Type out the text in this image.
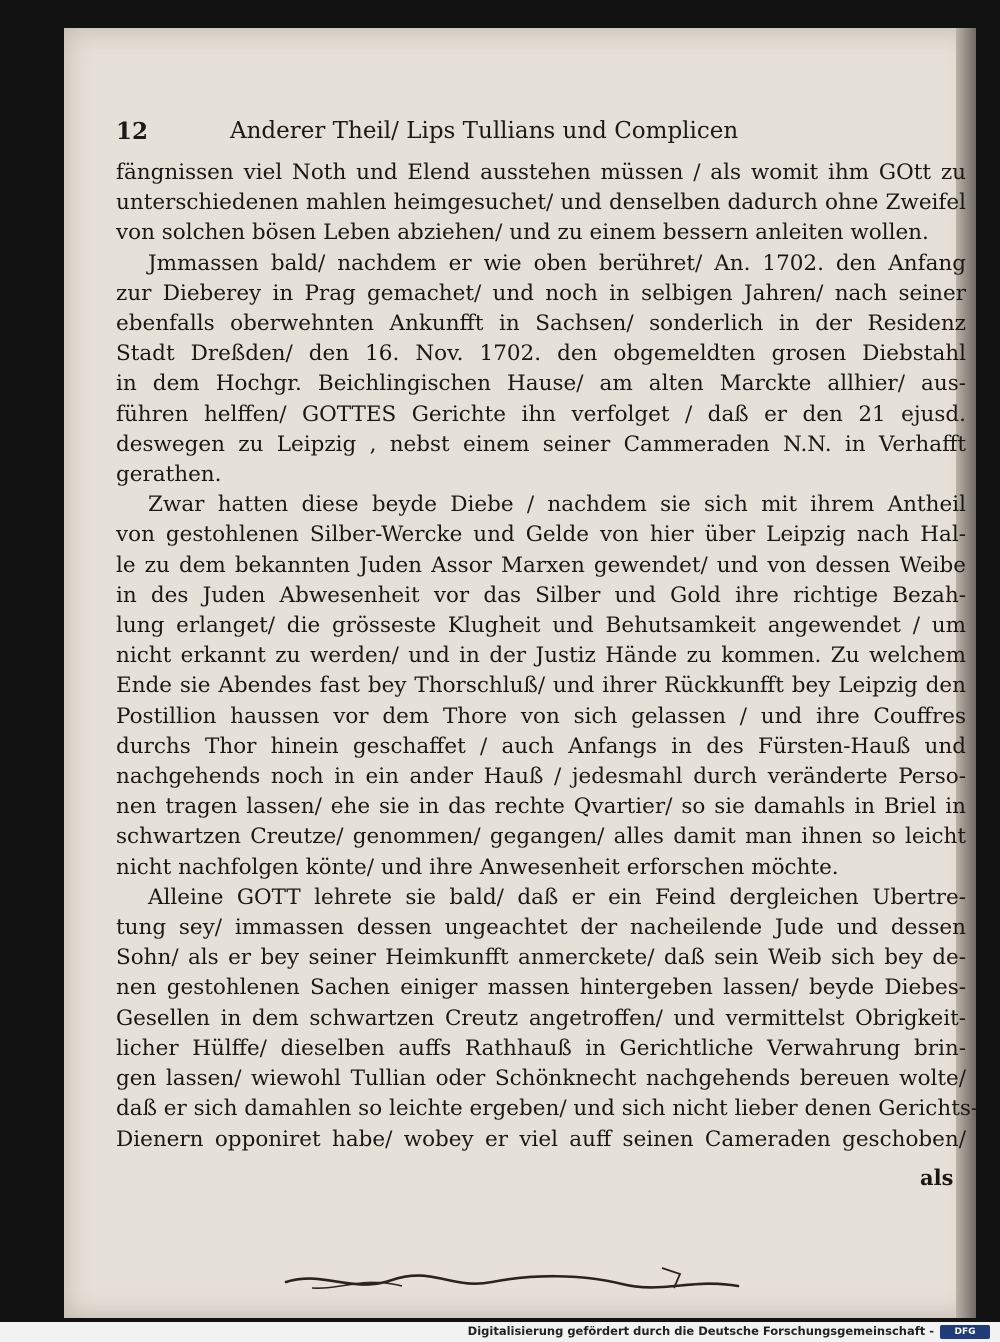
12	Anderer Theil/ Lips Tullians und Complicen
fängnissen viel Noth und Elend ausstehen müssen / als womit ihm GOtt zu
unterschiedenen mahlen heimgesuchet/ und denselben dadurch ohne Zweifel
von solchen bösen Leben abziehen/ und zu einem bessern anleiten wollen.
Jmmassen bald/ nachdem er wie oben berühret/ An. 1702. den Anfang
zur Dieberey in Prag gemachet/ und noch in selbigen Jahren/ nach seiner
ebenfalls oberwehnten Ankunfft in Sachsen/ sonderlich in der Residenz
Stadt Dreßden/ den 16. Nov. 1702. den obgemeldten grosen Diebstahl
in dem Hochgr. Beichlingischen Hause/ am alten Marckte allhier/ aus-
führen helffen/ GOTTES Gerichte ihn verfolget / daß er den 21 ejusd.
deswegen zu Leipzig , nebst einem seiner Cammeraden N.N. in Verhafft
gerathen.
Zwar hatten diese beyde Diebe / nachdem sie sich mit ihrem Antheil
von gestohlenen Silber-Wercke und Gelde von hier über Leipzig nach Hal-
le zu dem bekannten Juden Assor Marxen gewendet/ und von dessen Weibe
in des Juden Abwesenheit vor das Silber und Gold ihre richtige Bezah-
lung erlanget/ die grösseste Klugheit und Behutsamkeit angewendet / um
nicht erkannt zu werden/ und in der Justiz Hände zu kommen. Zu welchem
Ende sie Abendes fast bey Thorschluß/ und ihrer Rückkunfft bey Leipzig den
Postillion haussen vor dem Thore von sich gelassen / und ihre Couffres
durchs Thor hinein geschaffet / auch Anfangs in des Fürsten-Hauß und
nachgehends noch in ein ander Hauß / jedesmahl durch veränderte Perso-
nen tragen lassen/ ehe sie in das rechte Qvartier/ so sie damahls in Briel in
schwartzen Creutze/ genommen/ gegangen/ alles damit man ihnen so leicht
nicht nachfolgen könte/ und ihre Anwesenheit erforschen möchte.
Alleine GOTT lehrete sie bald/ daß er ein Feind dergleichen Ubertre-
tung sey/ immassen dessen ungeachtet der nacheilende Jude und dessen
Sohn/ als er bey seiner Heimkunfft anmerckete/ daß sein Weib sich bey de-
nen gestohlenen Sachen einiger massen hintergeben lassen/ beyde Diebes-
Gesellen in dem schwartzen Creutz angetroffen/ und vermittelst Obrigkeit-
licher Hülffe/ dieselben auffs Rathhauß in Gerichtliche Verwahrung brin-
gen lassen/ wiewohl Tullian oder Schönknecht nachgehends bereuen wolte/
daß er sich damahlen so leichte ergeben/ und sich nicht lieber denen Gerichts-
Dienern opponiret habe/ wobey er viel auff seinen Cameraden geschoben/
als
Digitalisierung gefördert durch die Deutsche Forschungsgemeinschaft -	DFG
